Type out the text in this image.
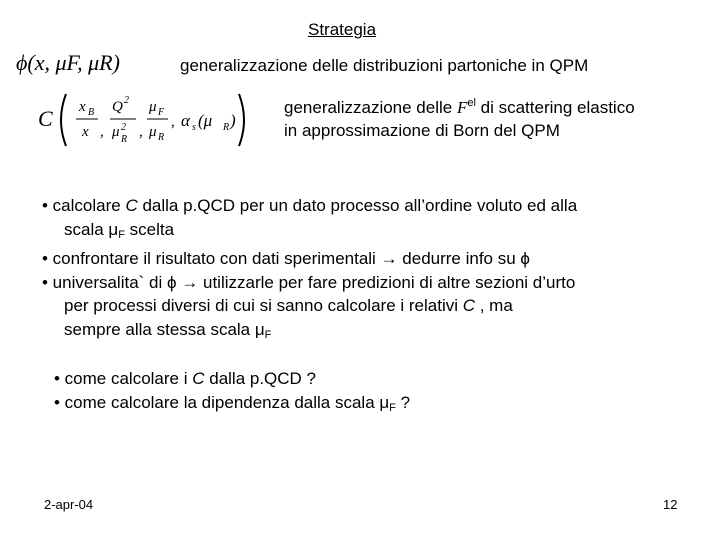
Strategia
ϕ(x, μF, μR)	generalizzazione delle distribuzioni partoniche in QPM
C x B
x ,
Q 2
μ 2
R ,
μ F
μ R
, α s (μ R )
generalizzazione delle $F^{el}$ di scattering elastico
in approssimazione di Born del QPM
• calcolare C dalla p.QCD per un dato processo all’ordine voluto ed alla
scala $\mu_F$ scelta
• confrontare il risultato con dati sperimentali → dedurre info su ϕ
• universalita` di ϕ → utilizzarle per fare predizioni di altre sezioni d’urto
per processi diversi di cui si sanno calcolare i relativi C , ma
sempre alla stessa scala $\mu_F$
• come calcolare i C dalla p.QCD ?
• come calcolare la dipendenza dalla scala $\mu_F$ ?
2-apr-04	12
